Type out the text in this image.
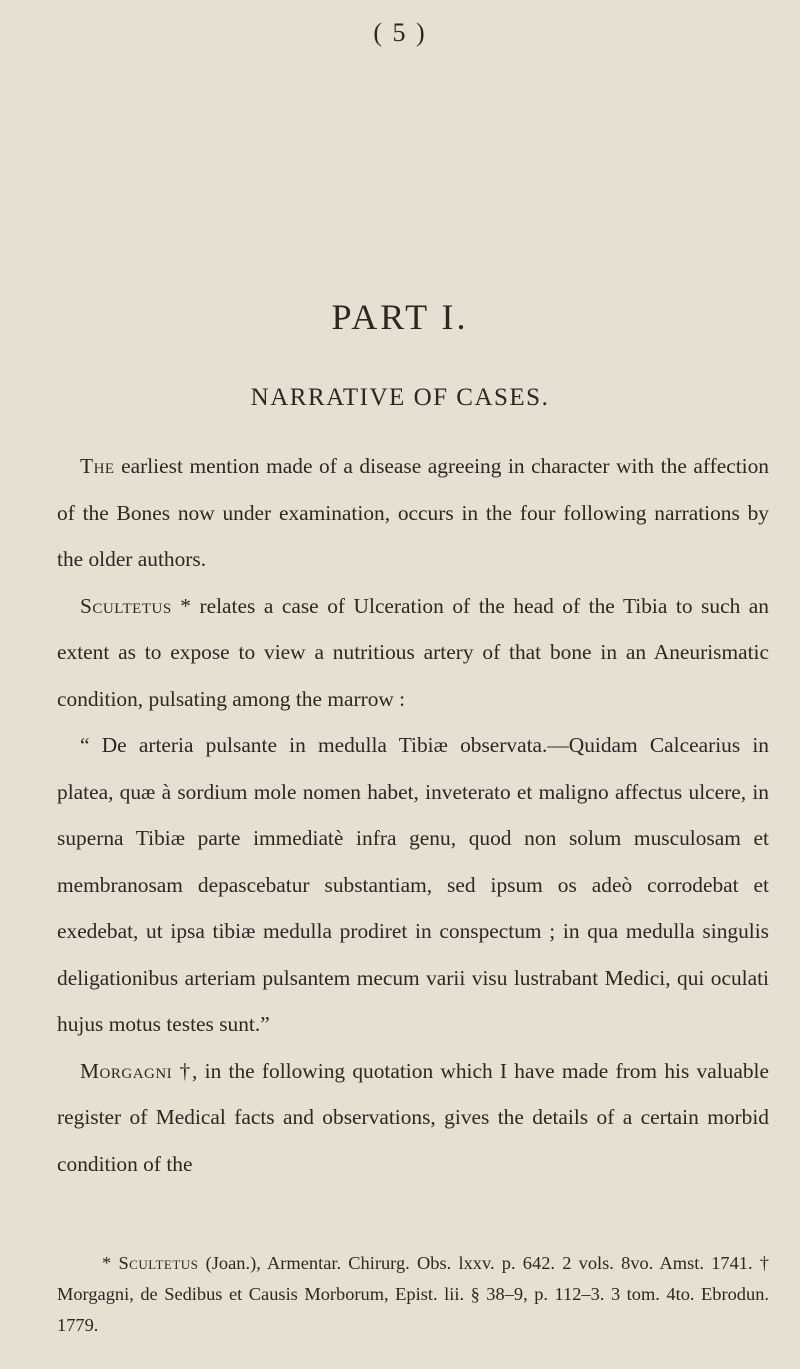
( 5 )
PART I.
NARRATIVE OF CASES.

The earliest mention made of a disease agreeing in character with the affection of the Bones now under examination, occurs in the four following narrations by the older authors.

Scultetus * relates a case of Ulceration of the head of the Tibia to such an extent as to expose to view a nutritious artery of that bone in an Aneurismatic condition, pulsating among the marrow :

“ De arteria pulsante in medulla Tibiæ observata.—Quidam Calcearius in platea, quæ à sordium mole nomen habet, inveterato et maligno affectus ulcere, in superna Tibiæ parte immediatè infra genu, quod non solum musculosam et membranosam depascebatur substantiam, sed ipsum os adeò corrodebat et exedebat, ut ipsa tibiæ medulla prodiret in conspectum ; in qua medulla singulis deligationibus arteriam pulsantem mecum varii visu lustrabant Medici, qui oculati hujus motus testes sunt.”

Morgagni †, in the following quotation which I have made from his valuable register of Medical facts and observations, gives the details of a certain morbid condition of the

* Scultetus (Joan.), Armentar. Chirurg. Obs. lxxv. p. 642. 2 vols. 8vo. Amst. 1741. † Morgagni, de Sedibus et Causis Morborum, Epist. lii. § 38–9, p. 112–3. 3 tom. 4to. Ebrodun. 1779.
